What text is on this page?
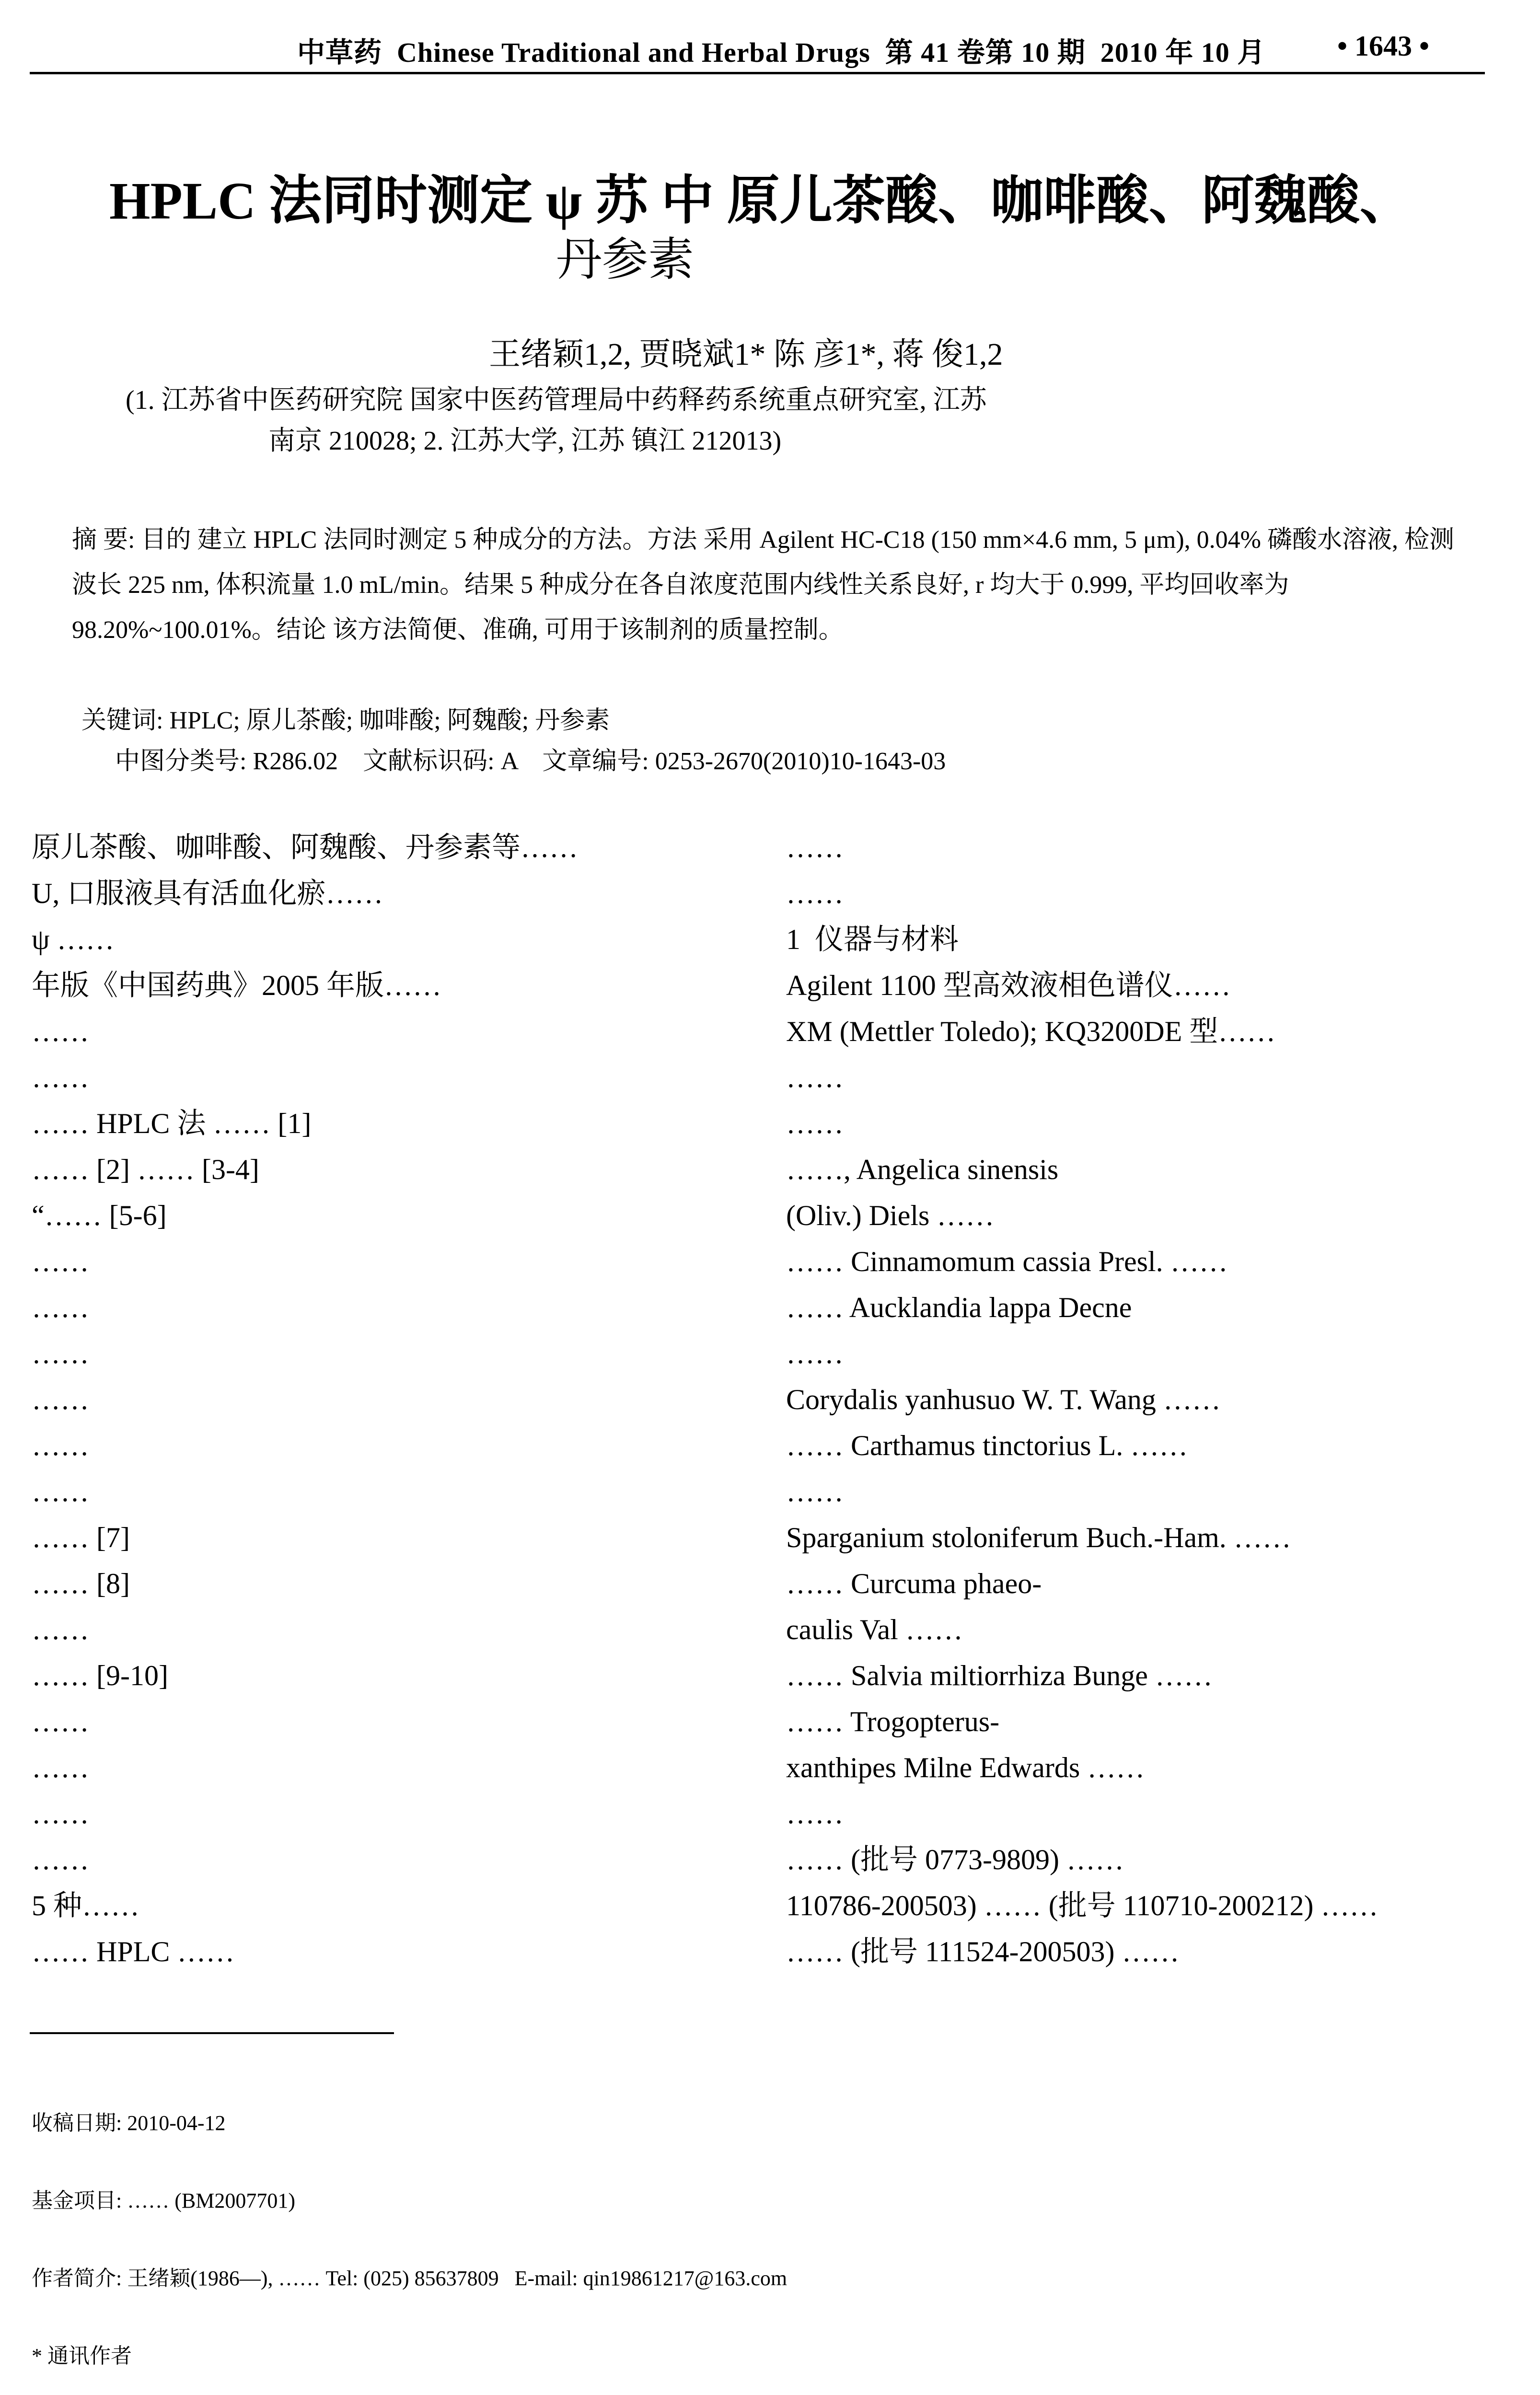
中草药  Chinese Traditional and Herbal Drugs  第 41 卷第 10 期  2010 年 10 月 • 1643 •
HPLC 法同时测定 ψ 苏 中 原儿茶酸、咖啡酸、阿魏酸、
丹参素
王绪颖1,2, 贾晓斌1* 陈 彦1*, 蒋 俊1,2
(1. 江苏省中医药研究院 国家中医药管理局中药释药系统重点研究室, 江苏
南京 210028; 2. 江苏大学, 江苏 镇江 212013)
摘 要: 目的 建立 HPLC 法同时测定 5 种成分的方法。方法 采用 Agilent HC-C18 (150 mm×4.6 mm, 5 μm), 0.04% 磷酸水溶液, 检测波长 225 nm, 体积流量 1.0 mL/min。结果 5 种成分在各自浓度范围内线性关系良好, r 均大于 0.999, 平均回收率为 98.20%~100.01%。结论 该方法简便、准确, 可用于该制剂的质量控制。
关键词: HPLC; 原儿茶酸; 咖啡酸; 阿魏酸; 丹参素
中图分类号: R286.02    文献标识码: A    文章编号: 0253-2670(2010)10-1643-03
原儿茶酸、咖啡酸、阿魏酸、丹参素等……
U, 口服液具有活血化瘀……
ψ ……
年版《中国药典》2005 年版……
……
……
…… HPLC 法 …… [1]
…… [2] …… [3-4]
“…… [5-6]
……
……
……
……
……
……
…… [7]
…… [8]
……
…… [9-10]
……
……
……
……
5 种……
…… HPLC ……
……
……
1  仪器与材料
Agilent 1100 型高效液相色谱仪……
XM (Mettler Toledo); KQ3200DE 型……
……
……
……, Angelica sinensis
(Oliv.) Diels ……
…… Cinnamomum cassia Presl. ……
…… Aucklandia lappa Decne
……
Corydalis yanhusuo W. T. Wang ……
…… Carthamus tinctorius L. ……
……
Sparganium stoloniferum Buch.-Ham. ……
…… Curcuma phaeo-
caulis Val ……
…… Salvia miltiorrhiza Bunge ……
…… Trogopterus-
xanthipes Milne Edwards ……
……
…… (批号 0773-9809) ……
110786-200503) …… (批号 110710-200212) ……
…… (批号 111524-200503) ……

收稿日期: 2010-04-12

基金项目: …… (BM2007701)

作者简介: 王绪颖(1986—), …… Tel: (025) 85637809   E-mail: qin19861217@163.com

* 通讯作者
